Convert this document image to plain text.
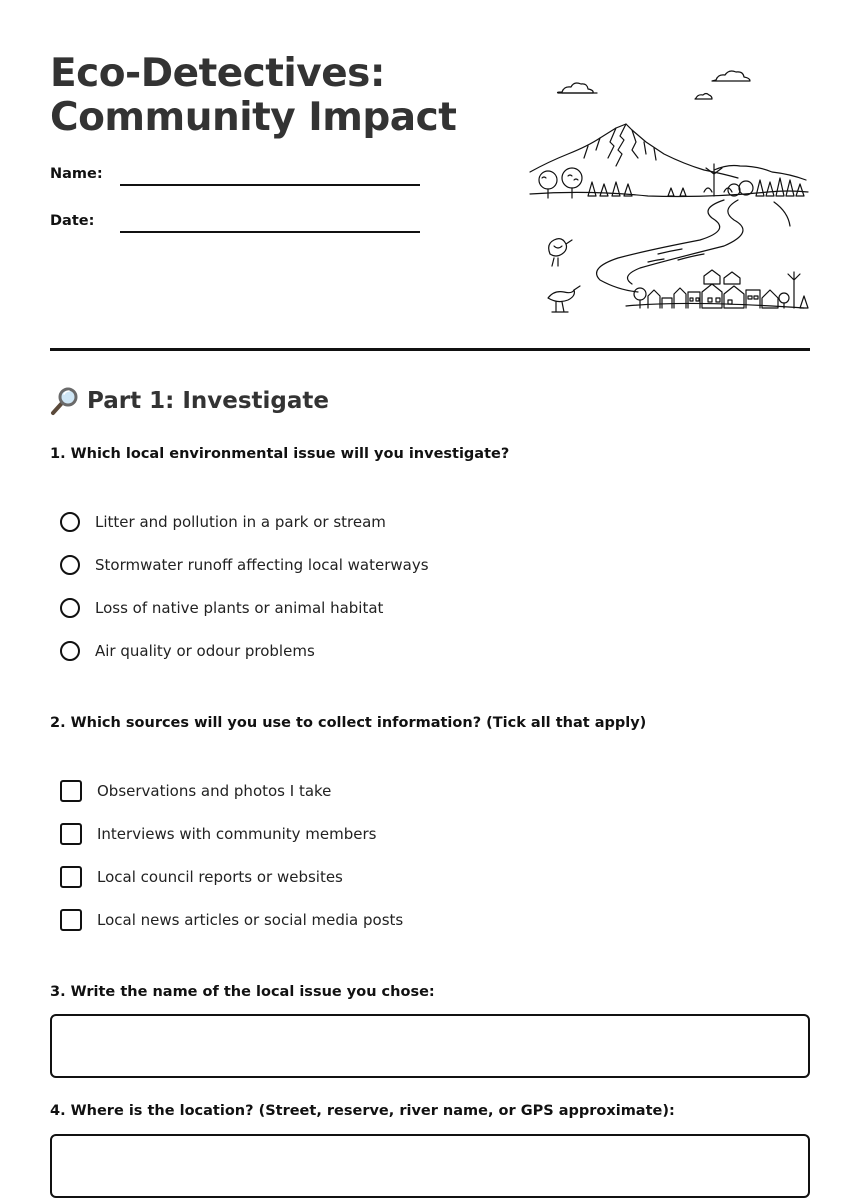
Eco-Detectives:
Community Impact
Name:
Date:
Part 1: Investigate
1. Which local environmental issue will you investigate?
Litter and pollution in a park or stream
Stormwater runoff affecting local waterways
Loss of native plants or animal habitat
Air quality or odour problems
2. Which sources will you use to collect information? (Tick all that apply)
Observations and photos I take
Interviews with community members
Local council reports or websites
Local news articles or social media posts
3. Write the name of the local issue you chose:
4. Where is the location? (Street, reserve, river name, or GPS approximate):
